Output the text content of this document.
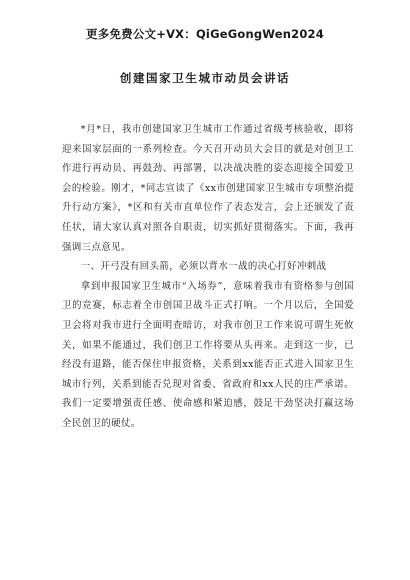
更多免费公文+VX：QiGeGongWen2024
创建国家卫生城市动员会讲话

*月*日，我市创建国家卫生城市工作通过省级考核验收，即将迎来国家层面的一系列检查。今天召开动员大会目的就是对创卫工作进行再动员、再鼓劲、再部署，以决战决胜的姿态迎接全国爱卫会的检验。刚才，*同志宣读了《xx市创建国家卫生城市专项整治提升行动方案》，*区和有关市直单位作了表态发言，会上还颁发了责任状，请大家认真对照各自职责，切实抓好贯彻落实。下面，我再强调三点意见。

一、开弓没有回头箭，必须以背水一战的决心打好冲刺战

拿到申报国家卫生城市“入场券”，意味着我市有资格参与创国卫的竞赛，标志着全市创国卫战斗正式打响。一个月以后，全国爱卫会将对我市进行全面明查暗访，对我市创卫工作来说可谓生死攸关，如果不能通过，我们创卫工作将要从头再来。走到这一步，已经没有退路，能否保住申报资格，关系到xx能否正式进入国家卫生城市行列，关系到能否兑现对省委、省政府和xx人民的庄严承诺。我们一定要增强责任感、使命感和紧迫感，鼓足干劲坚决打赢这场全民创卫的硬仗。
